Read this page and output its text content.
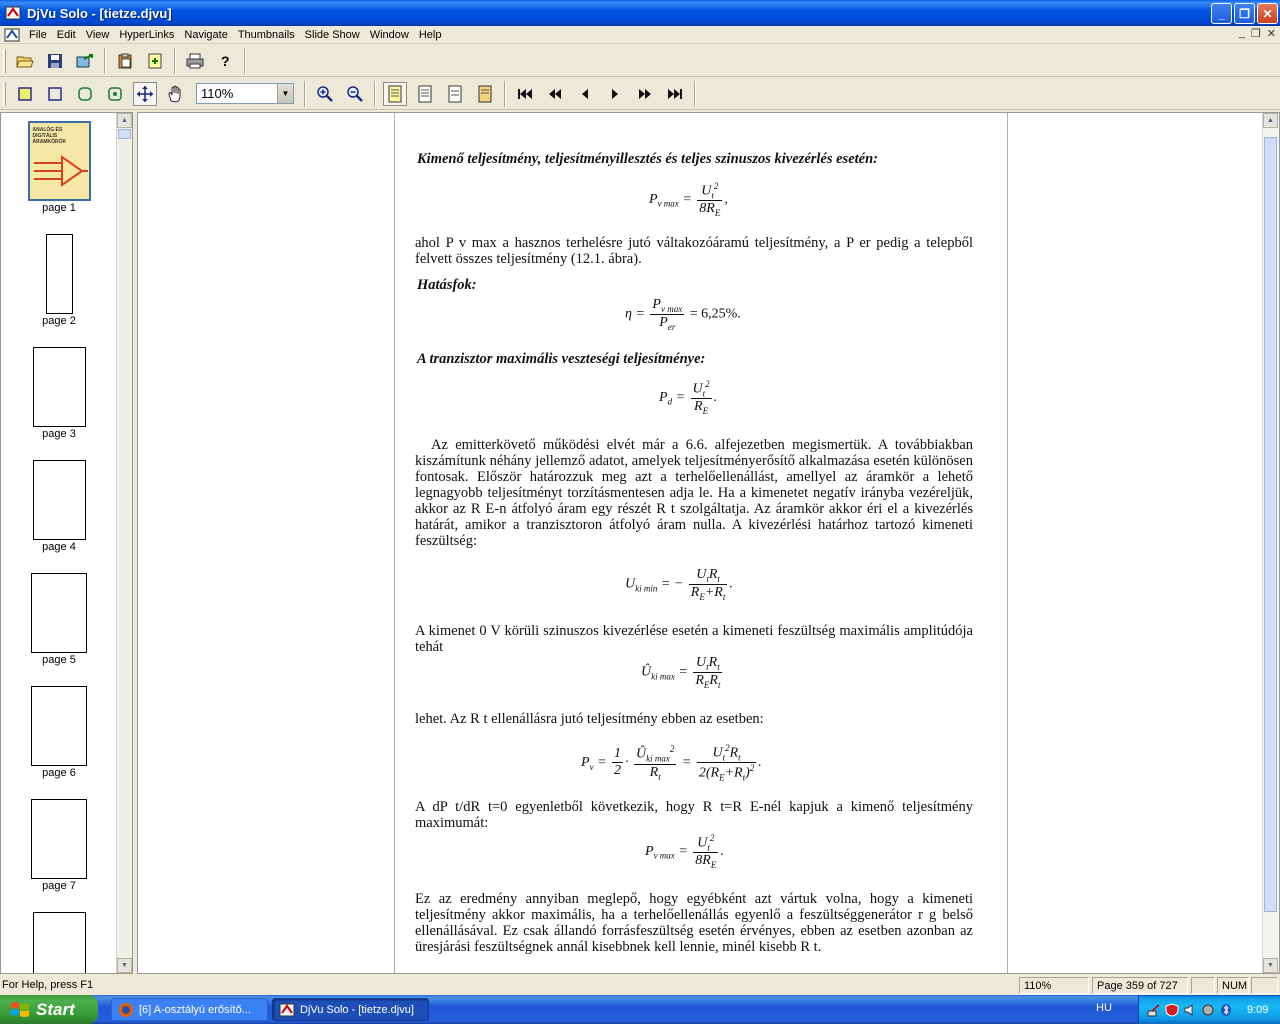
DjVu Solo - [tietze.djvu]	_	❐	✕
File Edit View HyperLinks Navigate Thumbnails Slide Show Window Help	_ ❐ ✕
?
110%	▼
ANALÓG ÉS DIGITÁLIS ÁRAMKÖRÖK
page 1
page 2
page 3
page 4
page 5
page 6
page 7
▲
▼
Kimenő teljesítmény, teljesítményillesztés és teljes szinuszos kivezérlés esetén:
$P_{v max} = \frac{U_t^2}{8R_E}$ ,
ahol P v max a hasznos terhelésre jutó váltakozóáramú teljesítmény, a P er pedig a telepből felvett összes teljesítmény (12.1. ábra).
Hatásfok:
$\eta = \frac{P_{v max}}{P_{er}} = 6,25\%$.
A tranzisztor maximális veszteségi teljesítménye:
$P_d = \frac{U_t^2}{R_E}$ .
Az emitterkövető működési elvét már a 6.6. alfejezetben megismertük. A továbbiakban kiszámítunk néhány jellemző adatot, amelyek teljesítményerősítő alkalmazása esetén különösen fontosak. Először határozzuk meg azt a terhelőellenállást, amellyel az áramkör a lehető legnagyobb teljesítményt torzításmentesen adja le. Ha a kimenetet negatív irányba vezéreljük, akkor az R E-n átfolyó áram egy részét R t szolgáltatja. Az áramkör akkor éri el a kivezérlés határát, amikor a tranzisztoron átfolyó áram nulla. A kivezérlési határhoz tartozó kimeneti feszültség:
$U_{ki min}$ = − $\frac{U_tR_t}{R_E+R_t}$ .
A kimenet 0 V körüli szinuszos kivezérlése esetén a kimeneti feszültség maximális amplitúdója tehát
$Û_{ki max} = \frac{U_tR_t}{R_ER_t}$
lehet. Az R t ellenállásra jutó teljesítmény ebben az esetben:
$P_v = \frac{1}{2} \cdot \frac{Û_{ki max}^2}{R_t} = \frac{U_t^2R_t}{2(R_E+R_t)^2}$ .
A dP t/dR t=0 egyenletből következik, hogy R t=R E-nél kapjuk a kimenő teljesítmény maximumát:
$P_{v max} = \frac{U_t^2}{8R_E}$ .
Ez az eredmény annyiban meglepő, hogy egyébként azt vártuk volna, hogy a kimeneti teljesítmény akkor maximális, ha a terhelőellenállás egyenlő a feszültséggenerátor r g belső ellenállásával. Ez csak állandó forrásfeszültség esetén érvényes, ebben az esetben azonban az üresjárási feszültségnek annál kisebbnek kell lennie, minél kisebb R t.
▲
▼
For Help, press F1	110%	Page 359 of 727	NUM
Start	[6] A-osztályú erősítő...	DjVu Solo - [tietze.djvu]	HU	9:09
